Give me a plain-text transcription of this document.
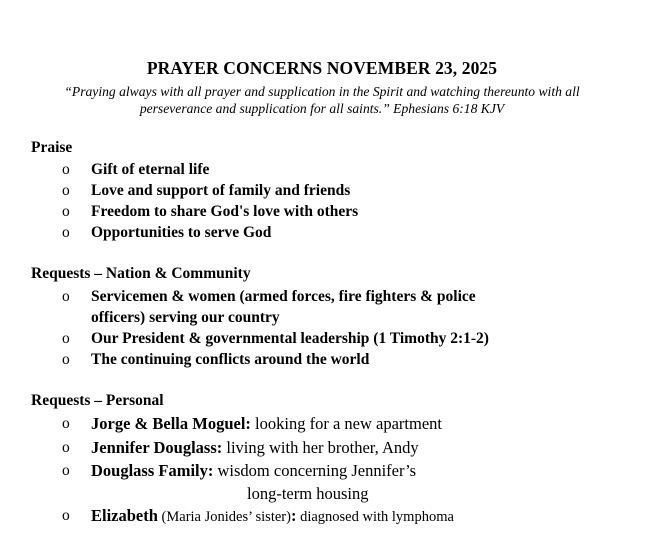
PRAYER CONCERNS NOVEMBER 23, 2025
“Praying always with all prayer and supplication in the Spirit and watching thereunto with all
perseverance and supplication for all saints.” Ephesians 6:18 KJV
Praise
o Gift of eternal life
o Love and support of family and friends
o Freedom to share God's love with others
o Opportunities to serve God
Requests – Nation & Community
o Servicemen & women (armed forces, fire fighters & police
officers) serving our country
o Our President & governmental leadership (1 Timothy 2:1-2)
o The continuing conflicts around the world
Requests – Personal
o Jorge & Bella Moguel: looking for a new apartment
o Jennifer Douglass: living with her brother, Andy
o Douglass Family: wisdom concerning Jennifer’s
long-term housing
o Elizabeth (Maria Jonides’ sister): diagnosed with lymphoma
